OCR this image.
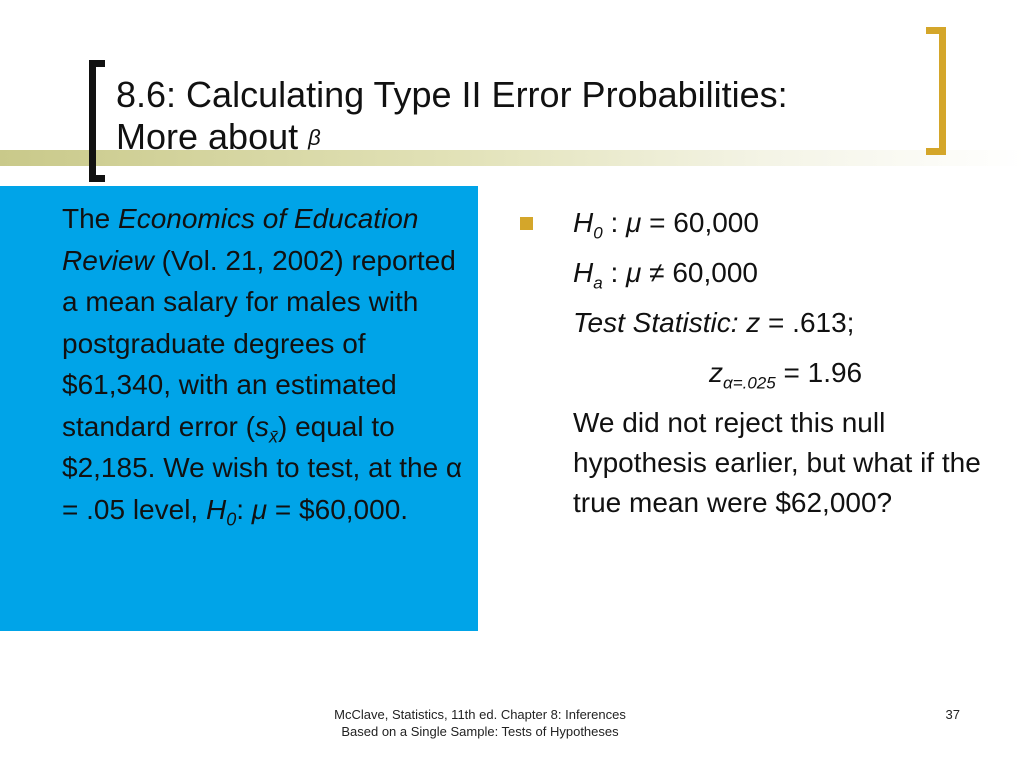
8.6: Calculating Type II Error Probabilities:
More about β

The Economics of Education Review (Vol. 21, 2002) reported a mean salary for males with postgraduate degrees of $61,340, with an estimated standard error $(s_{x̄})$ equal to $2,185. We wish to test, at the α = .05 level, $H_0$: μ = $60,000.

$H_0$ : μ = 60,000
$H_a$ : μ ≠ 60,000
Test Statistic: z = .613;
$z_{\alpha=.025} = 1.96$
We did not reject this null hypothesis earlier, but what if the true mean were $62,000?
McClave, Statistics, 11th ed. Chapter 8: Inferences
Based on a Single Sample: Tests of Hypotheses
37
